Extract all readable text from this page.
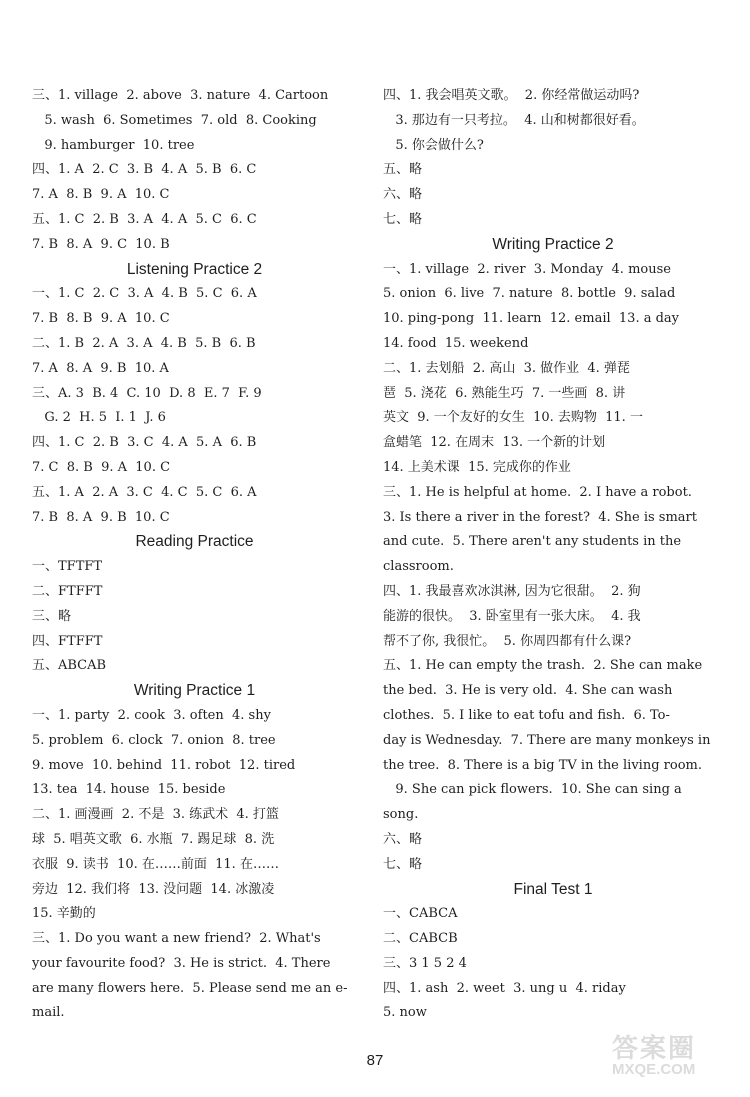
三、1. village  2. above  3. nature  4. Cartoon
5. wash  6. Sometimes  7. old  8. Cooking
9. hamburger  10. tree
四、1. A  2. C  3. B  4. A  5. B  6. C
7. A  8. B  9. A  10. C
五、1. C  2. B  3. A  4. A  5. C  6. C
7. B  8. A  9. C  10. B
Listening Practice 2
一、1. C  2. C  3. A  4. B  5. C  6. A
7. B  8. B  9. A  10. C
二、1. B  2. A  3. A  4. B  5. B  6. B
7. A  8. A  9. B  10. A
三、A. 3  B. 4  C. 10  D. 8  E. 7  F. 9
G. 2  H. 5  I. 1  J. 6
四、1. C  2. B  3. C  4. A  5. A  6. B
7. C  8. B  9. A  10. C
五、1. A  2. A  3. C  4. C  5. C  6. A
7. B  8. A  9. B  10. C
Reading Practice
一、TFTFT
二、FTFFT
三、略
四、FTFFT
五、ABCAB
Writing Practice 1
一、1. party  2. cook  3. often  4. shy
5. problem  6. clock  7. onion  8. tree
9. move  10. behind  11. robot  12. tired
13. tea  14. house  15. beside
二、1. 画漫画  2. 不是  3. 练武术  4. 打篮
球  5. 唱英文歌  6. 水瓶  7. 踢足球  8. 洗
衣服  9. 读书  10. 在……前面  11. 在……
旁边  12. 我们将  13. 没问题  14. 冰激凌
15. 辛勤的
三、1. Do you want a new friend?  2. What's
your favourite food?  3. He is strict.  4. There
are many flowers here.  5. Please send me an e-
mail.
四、1. 我会唱英文歌。  2. 你经常做运动吗?
3. 那边有一只考拉。  4. 山和树都很好看。
5. 你会做什么?
五、略
六、略
七、略
Writing Practice 2
一、1. village  2. river  3. Monday  4. mouse
5. onion  6. live  7. nature  8. bottle  9. salad
10. ping-pong  11. learn  12. email  13. a day
14. food  15. weekend
二、1. 去划船  2. 高山  3. 做作业  4. 弹琵
琶  5. 浇花  6. 熟能生巧  7. 一些画  8. 讲
英文  9. 一个友好的女生  10. 去购物  11. 一
盒蜡笔  12. 在周末  13. 一个新的计划
14. 上美术课  15. 完成你的作业
三、1. He is helpful at home.  2. I have a robot.
3. Is there a river in the forest?  4. She is smart
and cute.  5. There aren't any students in the
classroom.
四、1. 我最喜欢冰淇淋, 因为它很甜。  2. 狗
能游的很快。  3. 卧室里有一张大床。  4. 我
帮不了你, 我很忙。  5. 你周四都有什么课?
五、1. He can empty the trash.  2. She can make
the bed.  3. He is very old.  4. She can wash
clothes.  5. I like to eat tofu and fish.  6. To-
day is Wednesday.  7. There are many monkeys in
the tree.  8. There is a big TV in the living room.
9. She can pick flowers.  10. She can sing a
song.
六、略
七、略
Final Test 1
一、CABCA
二、CABCB
三、3 1 5 2 4
四、1. ash  2. weet  3. ung u  4. riday
5. now
87	答案圈
MXQE.COM
